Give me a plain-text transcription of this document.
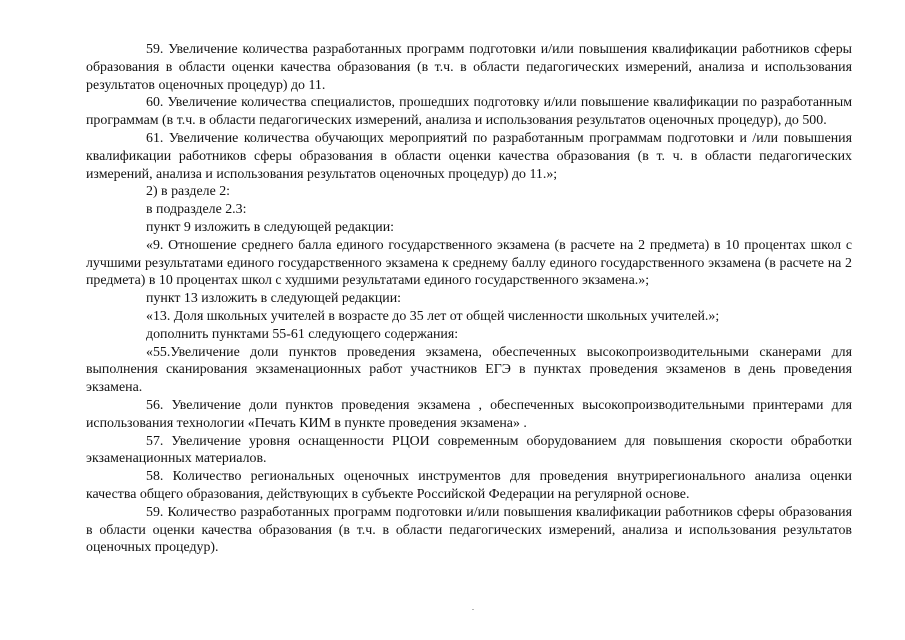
59. Увеличение количества разработанных программ подготовки и/или повышения квалификации работников сферы образования в области оценки качества образования (в т.ч. в области педагогических измерений, анализа и использования результатов оценочных процедур) до 11.

60. Увеличение количества специалистов, прошедших подготовку и/или повышение квалификации по разработанным программам (в т.ч. в области педагогических измерений, анализа и использования результатов оценочных процедур), до 500.

61. Увеличение количества обучающих мероприятий по разработанным программам подготовки и /или повышения квалификации работников сферы образования в области оценки качества образования (в т. ч. в области педагогических измерений, анализа и использования результатов оценочных процедур) до 11.»;

2) в разделе 2:

в подразделе 2.3:

пункт 9 изложить в следующей редакции:

«9. Отношение среднего балла единого государственного экзамена (в расчете на 2 предмета) в 10 процентах школ с лучшими результатами единого государственного экзамена к среднему баллу единого государственного экзамена (в расчете на 2 предмета) в 10 процентах школ с худшими результатами единого государственного экзамена.»;

пункт 13 изложить в следующей редакции:

«13. Доля школьных учителей в возрасте до 35 лет от общей численности школьных учителей.»;

дополнить пунктами 55-61 следующего содержания:

«55.Увеличение доли пунктов проведения экзамена, обеспеченных высокопроизводительными сканерами для выполнения сканирования экзаменационных работ участников ЕГЭ в пунктах проведения экзаменов в день проведения экзамена.

56. Увеличение доли пунктов проведения экзамена , обеспеченных высокопроизводительными принтерами для использования технологии «Печать КИМ в пункте проведения экзамена» .

57. Увеличение уровня оснащенности РЦОИ современным оборудованием для повышения скорости обработки экзаменационных материалов.

58. Количество региональных оценочных инструментов для проведения внутрирегионального анализа оценки качества общего образования, действующих в субъекте Российской Федерации на регулярной основе.

59. Количество разработанных программ подготовки и/или повышения квалификации работников сферы образования в области оценки качества образования (в т.ч. в области педагогических измерений, анализа и использования результатов оценочных процедур).
